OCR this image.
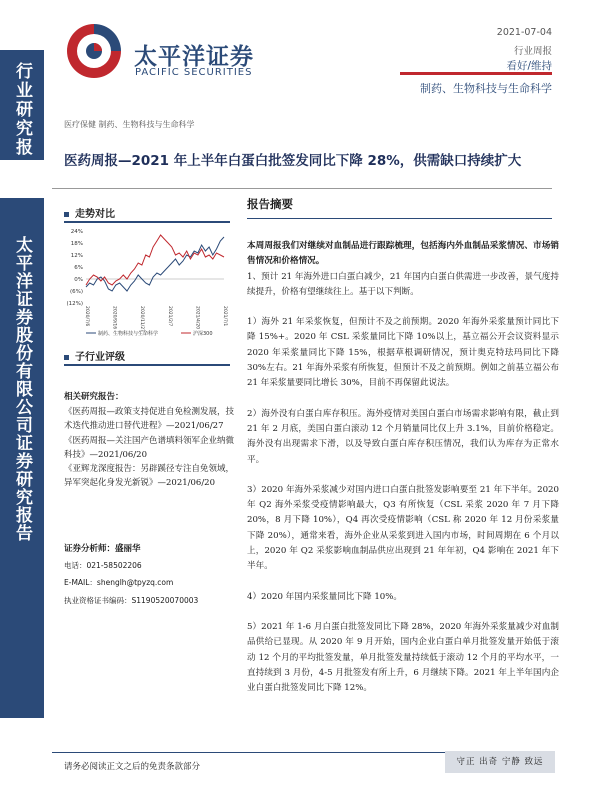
行业研究报
太平洋证券股份有限公司证券研究报告
太平洋证券
PACIFIC SECURITIES
2021-07-04
行业周报
看好/维持
制药、生物科技与生命科学
医疗保健 制药、生物科技与生命科学
医药周报—2021 年上半年白蛋白批签发同比下降 28%，供需缺口持续扩大
走势对比
24%
18%
12%
6%
0%
(6%)
(12%)
2020/7/6	2020/9/16	2020/11/27	2021/2/7	2021/4/20	2021/7/1
制药、生物科技与生命科学	沪深300
子行业评级
相关研究报告：
《医药周报—政策支持促进自免检测发展，技术迭代推动进口替代进程》—2021/06/27
《医药周报—关注国产色谱填料领军企业纳微科技》—2021/06/20
《亚辉龙深度报告：另辟蹊径专注自免领域，异军突起化身发光新锐》—2021/06/20
证券分析师：盛丽华
电话：021-58502206
E-MAIL：shenglh@tpyzq.com
执业资格证书编码：S1190520070003
报告摘要

本周周报我们对继续对血制品进行跟踪梳理，包括海内外血制品采浆情况、市场销售情况和价格情况。

1、预计 21 年海外进口白蛋白减少，21 年国内白蛋白供需进一步改善，景气度持续提升，价格有望继续往上。基于以下判断。

1）海外 21 年采浆恢复，但预计不及之前预期。2020 年海外采浆量预计同比下降 15%+。2020 年 CSL 采浆量同比下降 10%以上，基立福公开会议资料显示 2020 年采浆量同比下降 15%，根据草根调研情况，预计奥克特珐玛同比下降 30%左右。21 年海外采浆有所恢复，但预计不及之前预期。例如之前基立福公布 21 年采浆量要同比增长 30%，目前不再保留此说法。

2）海外没有白蛋白库存积压。海外疫情对美国白蛋白市场需求影响有限，截止到 21 年 2 月底，美国白蛋白滚动 12 个月销量同比仅上升 3.1%，目前价格稳定。海外没有出现需求下滑，以及导致白蛋白库存积压情况，我们认为库存为正常水平。

3）2020 年海外采浆减少对国内进口白蛋白批签发影响要至 21 年下半年。2020 年 Q2 海外采浆受疫情影响最大，Q3 有所恢复（CSL 采浆 2020 年 7 月下降 20%，8 月下降 10%），Q4 再次受疫情影响（CSL 称 2020 年 12 月份采浆量下降 20%），通常来看，海外企业从采浆到进入国内市场，时间周期在 6 个月以上，2020 年 Q2 采浆影响血制品供应出现到 21 年年初，Q4 影响在 2021 年下半年。

4）2020 年国内采浆量同比下降 10%。

5）2021 年 1-6 月白蛋白批签发同比下降 28%，2020 年海外采浆量减少对血制品供给已显现。从 2020 年 9 月开始，国内企业白蛋白单月批签发量开始低于滚动 12 个月的平均批签发量，单月批签发量持续低于滚动 12 个月的平均水平，一直持续到 3 月份，4-5 月批签发有所上升，6 月继续下降。2021 年上半年国内企业白蛋白批签发同比下降 12%。

请务必阅读正文之后的免责条款部分	守正 出奇 宁静 致远
